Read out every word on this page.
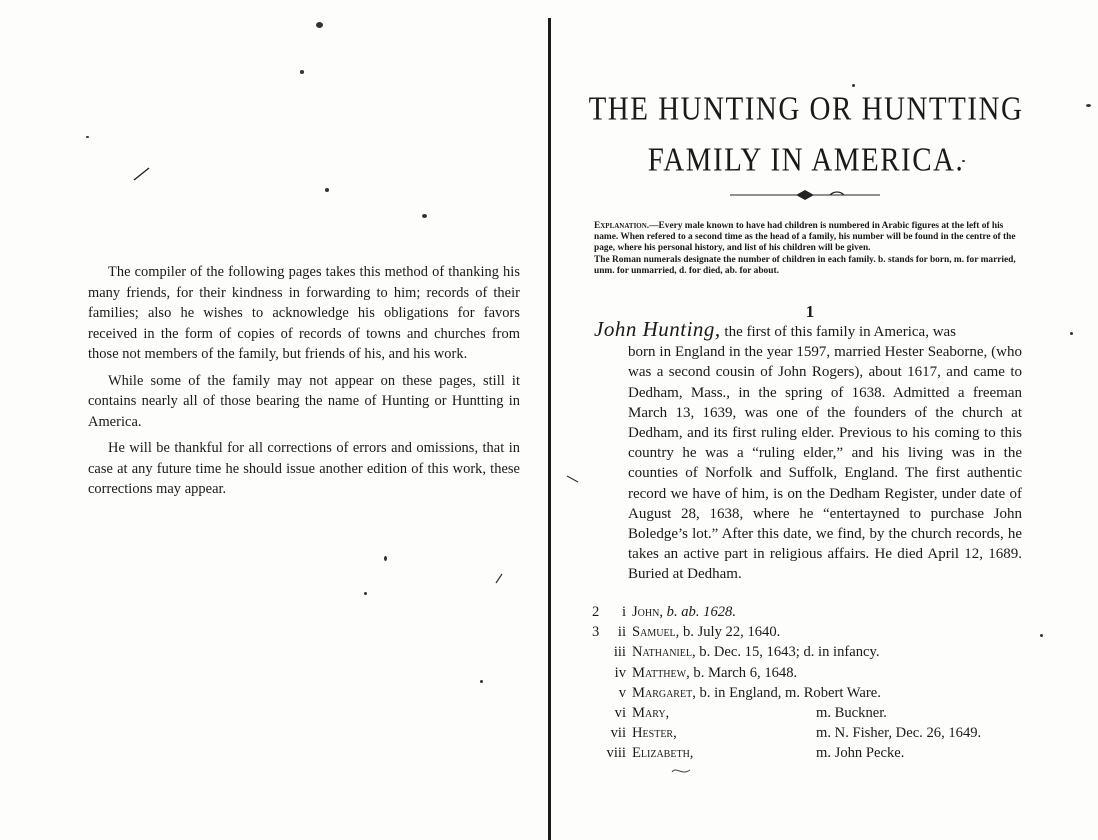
The compiler of the following pages takes this method of thanking his many friends, for their kindness in forwarding to him; records of their families; also he wishes to acknowledge his obligations for favors received in the form of copies of records of towns and churches from those not members of the family, but friends of his, and his work.

While some of the family may not appear on these pages, still it contains nearly all of those bearing the name of Hunting or Huntting in America.

He will be thankful for all corrections of errors and omissions, that in case at any future time he should issue another edition of this work, these corrections may appear.

THE HUNTING OR HUNTTING
FAMILY IN AMERICA.
Explanation.—Every male known to have had children is numbered in Arabic figures at the left of his name. When refered to a second time as the head of a family, his number will be found in the centre of the page, where his personal history, and list of his children will be given.
The Roman numerals designate the number of children in each family. b. stands for born, m. for married, unm. for unmarried, d. for died, ab. for about.
1
John Hunting, the first of this family in America, was
born in England in the year 1597, married Hester Seaborne, (who was a second cousin of John Rogers), about 1617, and came to Dedham, Mass., in the spring of 1638. Admitted a freeman March 13, 1639, was one of the founders of the church at Dedham, and its first ruling elder. Previous to his coming to this country he was a “ruling elder,” and his living was in the counties of Norfolk and Suffolk, England. The first authentic record we have of him, is on the Dedham Register, under date of August 28, 1638, where he “entertayned to purchase John Boledge’s lot.” After this date, we find, by the church records, he takes an active part in religious affairs. He died April 12, 1689. Buried at Dedham.
2	i John, b. ab. 1628.
3	ii Samuel, b. July 22, 1640.
iii Nathaniel, b. Dec. 15, 1643; d. in infancy.
iv Matthew, b. March 6, 1648.
v Margaret, b. in England, m. Robert Ware.
vi Mary,	m. Buckner.
vii Hester,	m. N. Fisher, Dec. 26, 1649.
viii Elizabeth,	m. John Pecke.
